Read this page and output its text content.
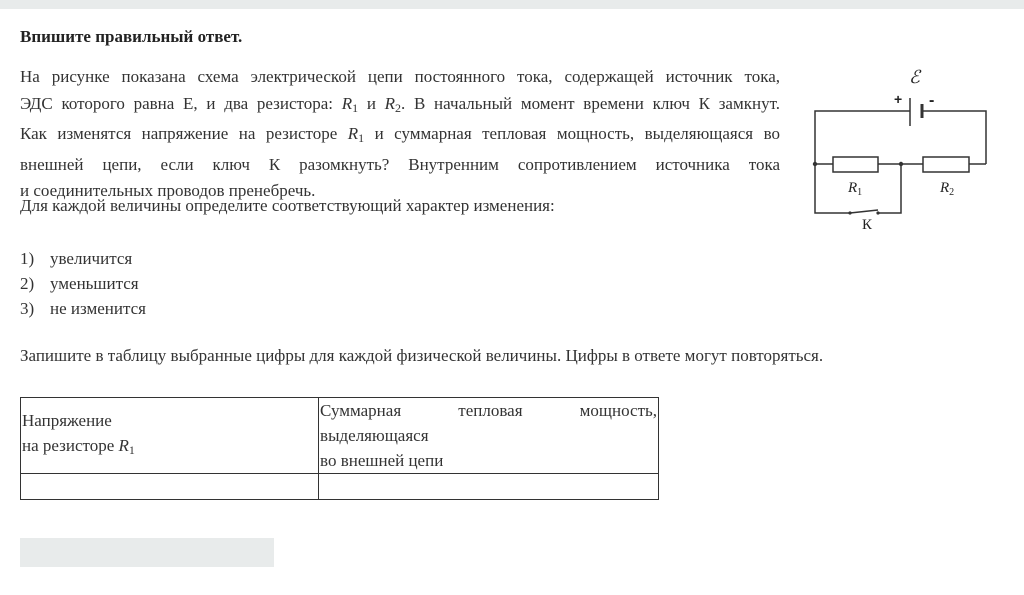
Впишите правильный ответ.
На рисунке показана схема электрической цепи постоянного тока, содержащей источник тока,
ЭДС которого равна Е, и два резистора: $R_1$ и $R_2$. В начальный момент времени ключ К замкнут.
Как изменятся напряжение на резисторе $R_1$ и суммарная тепловая мощность, выделяющаяся во
внешней цепи, если ключ К разомкнуть? Внутренним сопротивлением источника тока
и соединительных проводов пренебречь.
Для каждой величины определите соответствующий характер изменения:
1) увеличится
2) уменьшится
3) не изменится
Запишите в таблицу выбранные цифры для каждой физической величины. Цифры в ответе могут повторяться.
Напряжение
на резисторе $R_1$	Суммарная тепловая мощность,
выделяющаяся
во внешней цепи

ℰ
+ -
$R_1$	$R_2$
К
